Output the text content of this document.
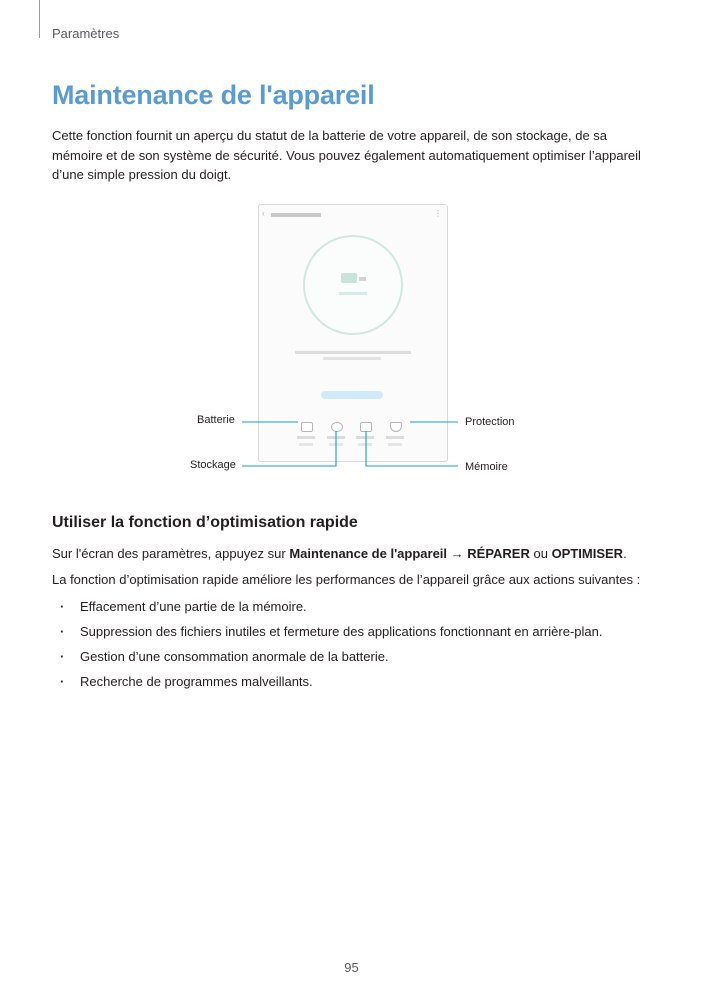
Paramètres
Maintenance de l'appareil

Cette fonction fournit un aperçu du statut de la batterie de votre appareil, de son stockage, de sa mémoire et de son système de sécurité. Vous pouvez également automatiquement optimiser l’appareil d’une simple pression du doigt.

‹	⋮
Batterie
Stockage
Protection
Mémoire
Utiliser la fonction d’optimisation rapide

Sur l'écran des paramètres, appuyez sur Maintenance de l'appareil → RÉPARER ou OPTIMISER.

La fonction d’optimisation rapide améliore les performances de l’appareil grâce aux actions suivantes :

· Effacement d’une partie de la mémoire.
· Suppression des fichiers inutiles et fermeture des applications fonctionnant en arrière-plan.
· Gestion d’une consommation anormale de la batterie.
· Recherche de programmes malveillants.
95
